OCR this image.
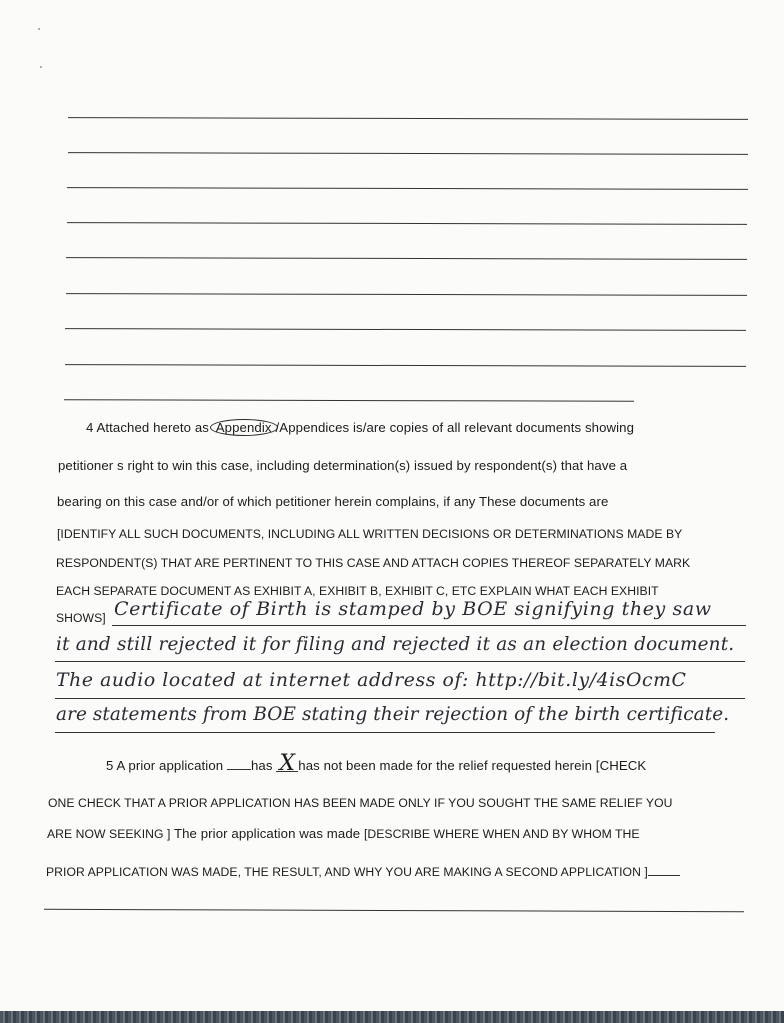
4 Attached hereto as Appendix /Appendices is/are copies of all relevant documents showing
petitioner s right to win this case, including determination(s) issued by respondent(s) that have a
bearing on this case and/or of which petitioner herein complains, if any These documents are
[IDENTIFY ALL SUCH DOCUMENTS, INCLUDING ALL WRITTEN DECISIONS OR DETERMINATIONS MADE BY
RESPONDENT(S) THAT ARE PERTINENT TO THIS CASE AND ATTACH COPIES THEREOF SEPARATELY MARK
EACH SEPARATE DOCUMENT AS EXHIBIT A, EXHIBIT B, EXHIBIT C, ETC EXPLAIN WHAT EACH EXHIBIT
SHOWS] Certificate of Birth is stamped by BOE signifying they saw
it and still rejected it for filing and rejected it as an election document.
The audio located at internet address of: http://bit.ly/4isOcmC
are statements from BOE stating their rejection of the birth certificate.
5 A prior application has X has not been made for the relief requested herein [CHECK
ONE CHECK THAT A PRIOR APPLICATION HAS BEEN MADE ONLY IF YOU SOUGHT THE SAME RELIEF YOU
ARE NOW SEEKING ] The prior application was made [DESCRIBE WHERE WHEN AND BY WHOM THE
PRIOR APPLICATION WAS MADE, THE RESULT, AND WHY YOU ARE MAKING A SECOND APPLICATION ]
